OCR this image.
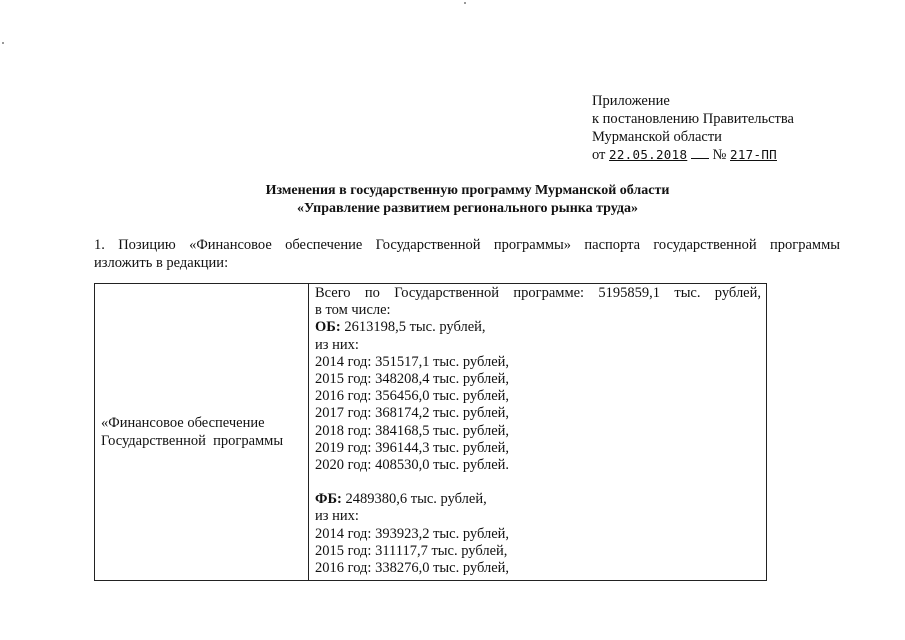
Приложение
к постановлению Правительства
Мурманской области
от 22.05.2018 № 217-ПП
Изменения в государственную программу Мурманской области
«Управление развитием регионального рынка труда»
1. Позицию «Финансовое обеспечение Государственной программы» паспорта государственной программы
изложить в редакции:
«Финансовое обеспечение
Государственной  программы
Всего по Государственной программе: 5195859,1 тыс. рублей,
в том числе:
ОБ: 2613198,5 тыс. рублей,
из них:
2014 год: 351517,1 тыс. рублей,
2015 год: 348208,4 тыс. рублей,
2016 год: 356456,0 тыс. рублей,
2017 год: 368174,2 тыс. рублей,
2018 год: 384168,5 тыс. рублей,
2019 год: 396144,3 тыс. рублей,
2020 год: 408530,0 тыс. рублей.
ФБ: 2489380,6 тыс. рублей,
из них:
2014 год: 393923,2 тыс. рублей,
2015 год: 311117,7 тыс. рублей,
2016 год: 338276,0 тыс. рублей,
